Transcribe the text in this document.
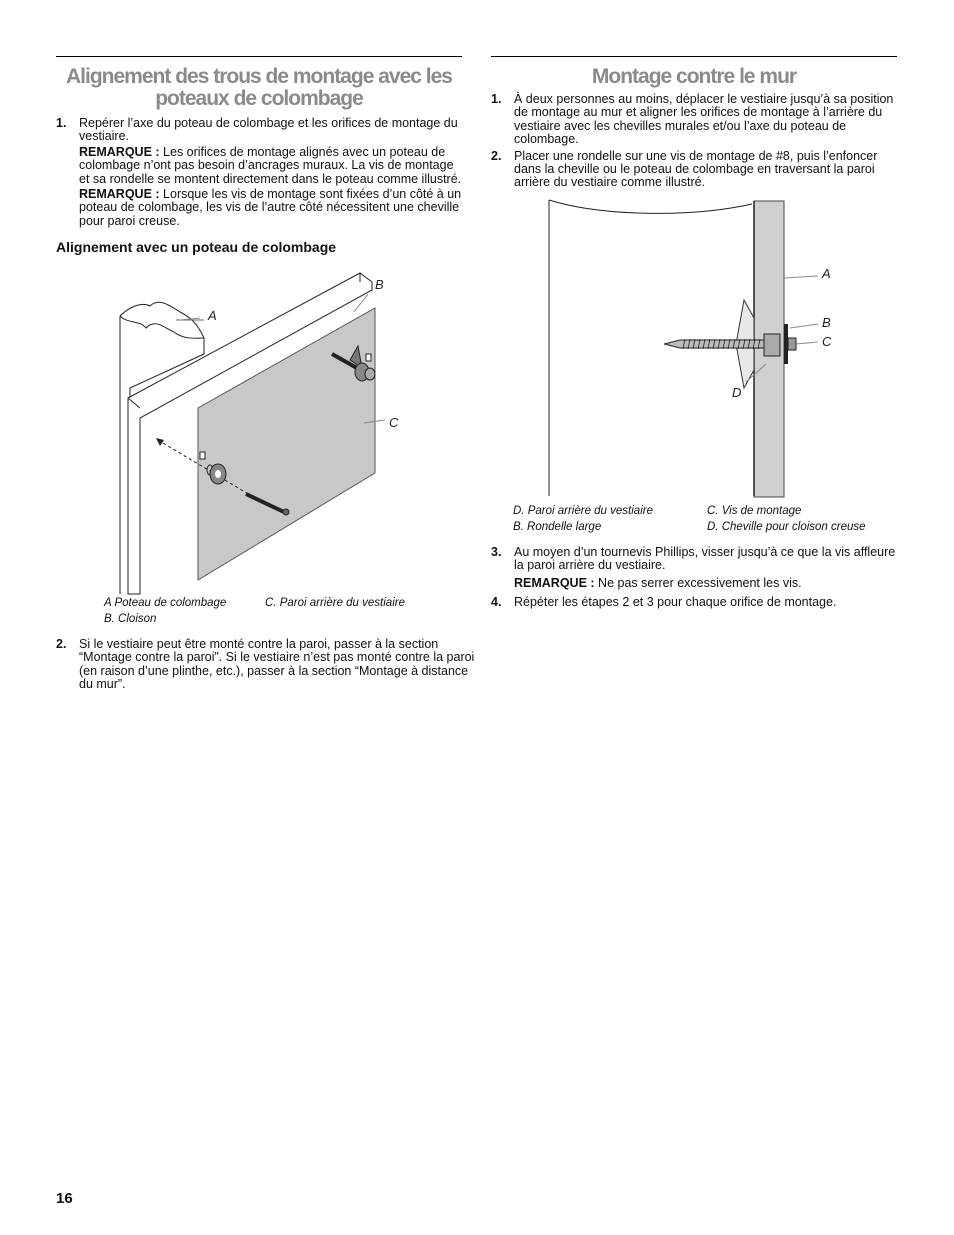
Alignement des trous de montage avec les poteaux de colombage
1. Repérer l’axe du poteau de colombage et les orifices de montage du vestiaire.

REMARQUE : Les orifices de montage alignés avec un poteau de colombage n’ont pas besoin d’ancrages muraux. La vis de montage et sa rondelle se montent directement dans le poteau comme illustré.

REMARQUE : Lorsque les vis de montage sont fixées d’un côté à un poteau de colombage, les vis de l’autre côté nécessitent une cheville pour paroi creuse.

Alignement avec un poteau de colombage
A
B
C
A Poteau de colombage	C. Paroi arrière du vestiaire
B. Cloison
2. Si le vestiaire peut être monté contre la paroi, passer à la section “Montage contre la paroi”. Si le vestiaire n’est pas monté contre la paroi (en raison d’une plinthe, etc.), passer à la section “Montage à distance du mur”.

Montage contre le mur
1. À deux personnes au moins, déplacer le vestiaire jusqu’à sa position de montage au mur et aligner les orifices de montage à l’arrière du vestiaire avec les chevilles murales et/ou l’axe du poteau de colombage.

2. Placer une rondelle sur une vis de montage de #8, puis l’enfoncer dans la cheville ou le poteau de colombage en traversant la paroi arrière du vestiaire comme illustré.

A
B
C
D
D. Paroi arrière du vestiaire	C. Vis de montage
B. Rondelle large	D. Cheville pour cloison creuse
3. Au moyen d’un tournevis Phillips, visser jusqu’à ce que la vis affleure la paroi arrière du vestiaire.

REMARQUE : Ne pas serrer excessivement les vis.

4. Répéter les étapes 2 et 3 pour chaque orifice de montage.

16
